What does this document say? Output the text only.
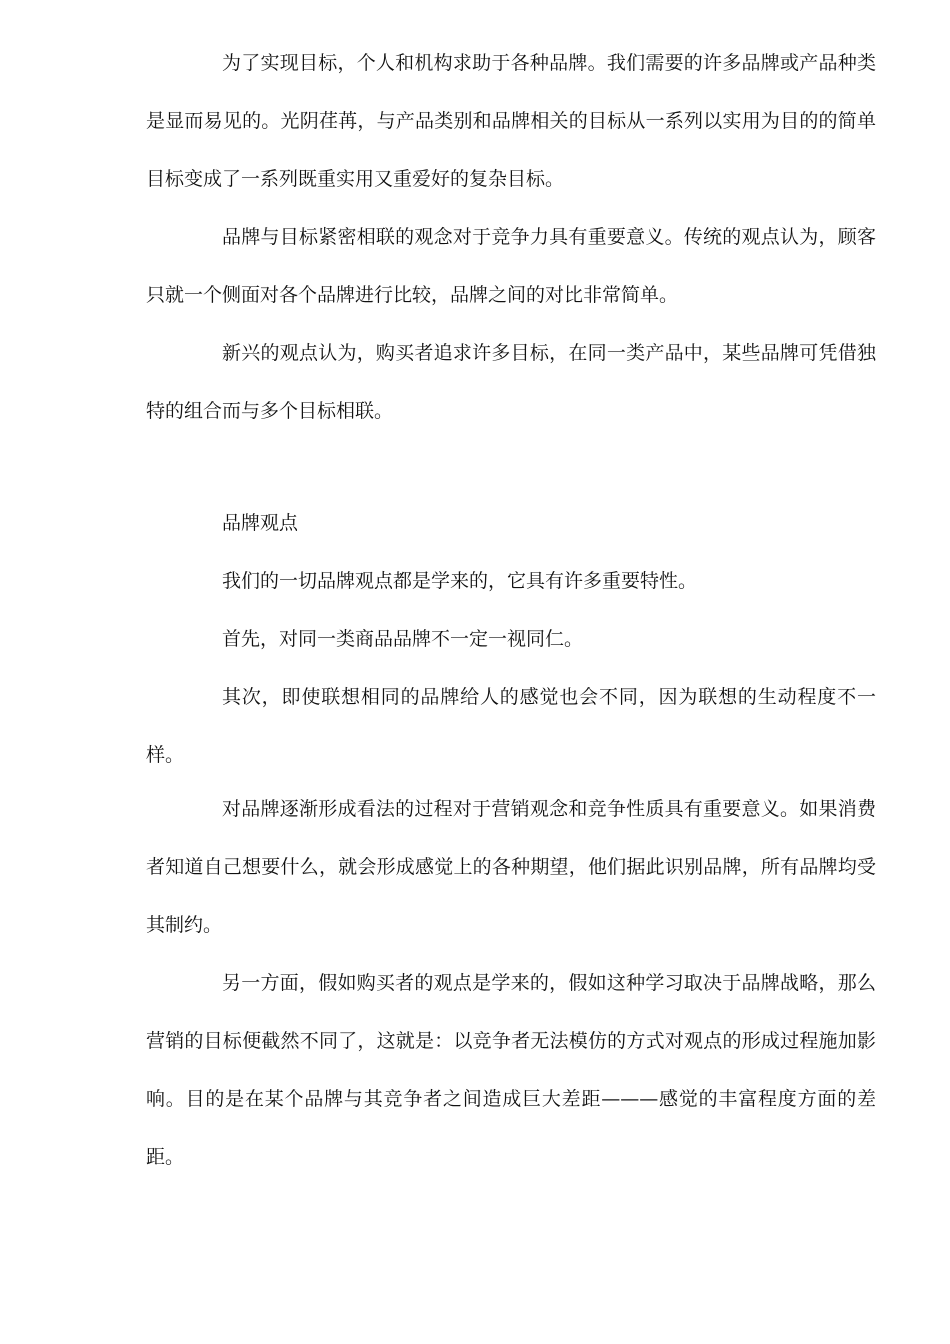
为了实现目标，个人和机构求助于各种品牌。我们需要的许多品牌或产品种类是显而易见的。光阴荏苒，与产品类别和品牌相关的目标从一系列以实用为目的的简单目标变成了一系列既重实用又重爱好的复杂目标。

品牌与目标紧密相联的观念对于竞争力具有重要意义。传统的观点认为，顾客只就一个侧面对各个品牌进行比较，品牌之间的对比非常简单。

新兴的观点认为，购买者追求许多目标，在同一类产品中，某些品牌可凭借独特的组合而与多个目标相联。

品牌观点

我们的一切品牌观点都是学来的，它具有许多重要特性。

首先，对同一类商品品牌不一定一视同仁。

其次，即使联想相同的品牌给人的感觉也会不同，因为联想的生动程度不一样。

对品牌逐渐形成看法的过程对于营销观念和竞争性质具有重要意义。如果消费者知道自己想要什么，就会形成感觉上的各种期望，他们据此识别品牌，所有品牌均受其制约。

另一方面，假如购买者的观点是学来的，假如这种学习取决于品牌战略，那么营销的目标便截然不同了，这就是：以竞争者无法模仿的方式对观点的形成过程施加影响。目的是在某个品牌与其竞争者之间造成巨大差距———感觉的丰富程度方面的差距。
